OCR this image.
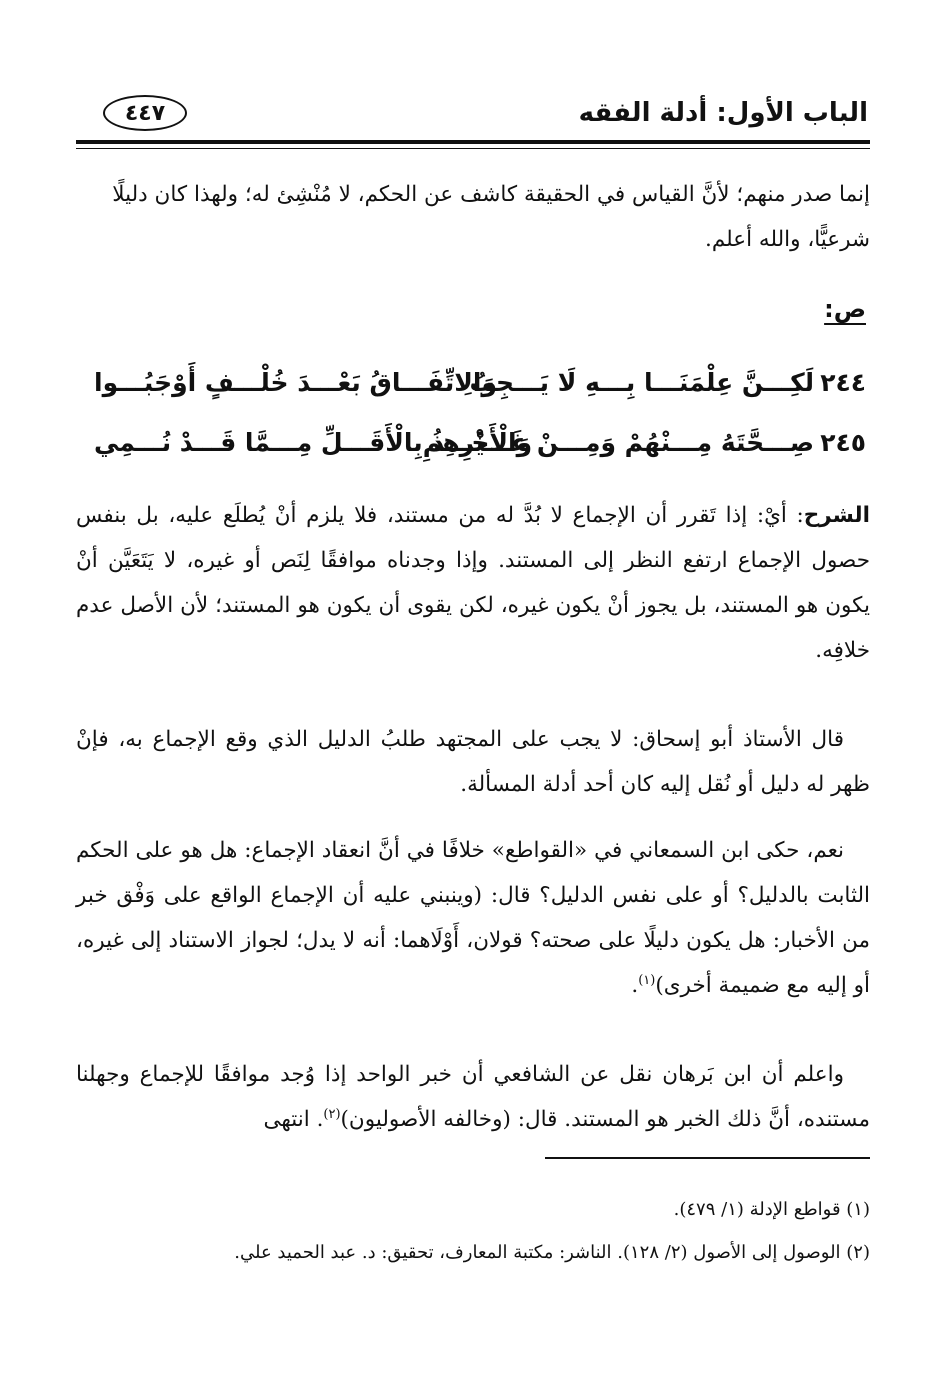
الباب الأول: أدلة الفقه
٤٤٧

إنما صدر منهم؛ لأنَّ القياس في الحقيقة كاشف عن الحكم، لا مُنْشِئ له؛ ولهذا كان دليلًا

شرعيًّا، والله أعلم.

ص:
٢٤٤
لَكِـــنَّ عِلْمَنَـــا بِـــهِ لَا يَـــجِبُ
وَالِاتِّفَـــاقُ بَعْـــدَ خُلْـــفٍ أَوْجَبُـــوا
٢٤٥
صِـــحَّتَهُ مِـــنْهُمْ وَمِـــنْ غَـــيْرِهِمِ
وَالْأَخْـــذُ بِالْأَقَـــلِّ مِـــمَّا قَـــدْ نُـــمِي

الشرح: أيْ: إذا تَقرر أن الإجماع لا بُدَّ له من مستند، فلا يلزم أنْ يُطلَع عليه، بل بنفس حصول الإجماع ارتفع النظر إلى المستند. وإذا وجدناه موافقًا لِنَص أو غيره، لا يَتَعَيَّن أنْ يكون هو المستند، بل يجوز أنْ يكون غيره، لكن يقوى أن يكون هو المستند؛ لأن الأصل عدم خلافِه.

قال الأستاذ أبو إسحاق: لا يجب على المجتهد طلبُ الدليل الذي وقع الإجماع به، فإنْ ظهر له دليل أو نُقل إليه كان أحد أدلة المسألة.

نعم، حكى ابن السمعاني في «القواطع» خلافًا في أنَّ انعقاد الإجماع: هل هو على الحكم الثابت بالدليل؟ أو على نفس الدليل؟ قال: (وينبني عليه أن الإجماع الواقع على وَفْق خبر من الأخبار: هل يكون دليلًا على صحته؟ قولان، أَوْلَاهما: أنه لا يدل؛ لجواز الاستناد إلى غيره، أو إليه مع ضميمة أخرى)$^{(١)}$.

واعلم أن ابن بَرهان نقل عن الشافعي أن خبر الواحد إذا وُجد موافقًا للإجماع وجهلنا مستنده، أنَّ ذلك الخبر هو المستند. قال: (وخالفه الأصوليون)$^{(٢)}$. انتهى

(١) قواطع الإدلة (١/ ٤٧٩).
(٢) الوصول إلى الأصول (٢/ ١٢٨). الناشر: مكتبة المعارف، تحقيق: د. عبد الحميد علي.
